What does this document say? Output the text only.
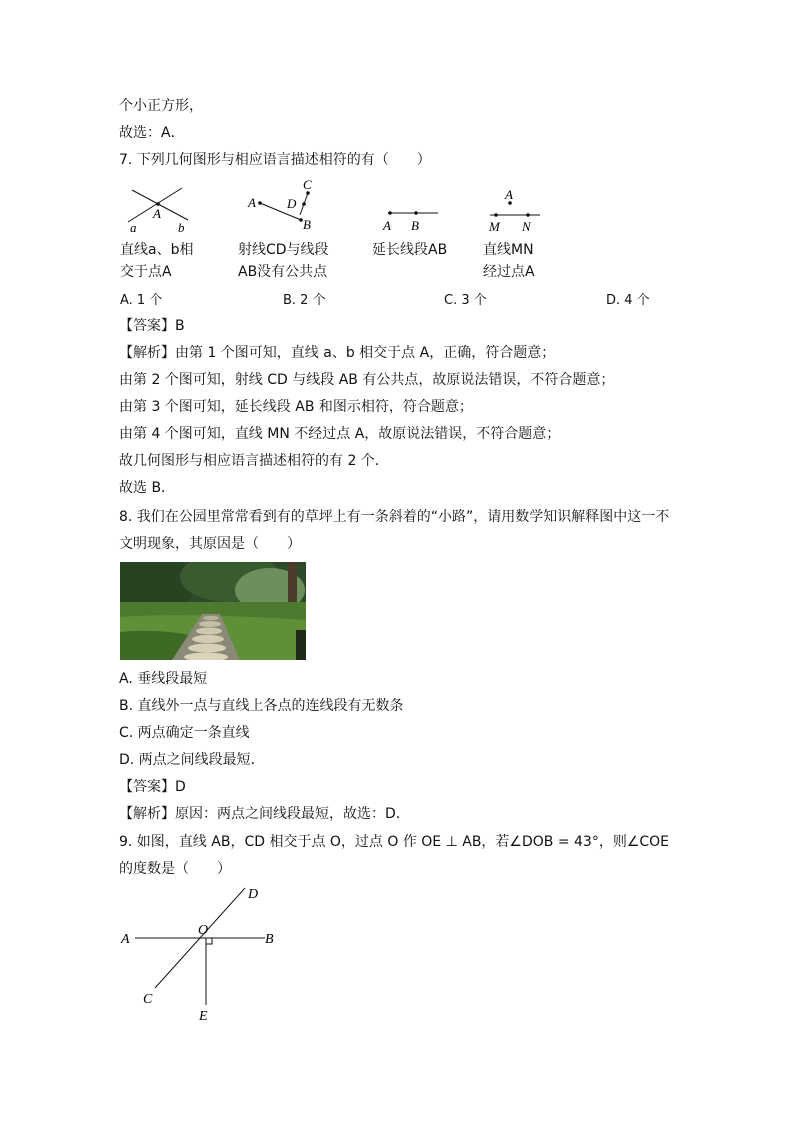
个小正方形，
故选：A．
7. 下列几何图形与相应语言描述相符的有（　　）
a
A
b
C
A D
B	A B
A
M N
直线a、b相
交于点A
射线CD与线段
AB没有公共点
延长线段AB	直线MN
经过点A
A. 1 个	B. 2 个	C. 3 个	D. 4 个
【答案】B
【解析】由第 1 个图可知，直线 a、b 相交于点 A，正确，符合题意；
由第 2 个图可知，射线 CD 与线段 AB 有公共点，故原说法错误，不符合题意；
由第 3 个图可知，延长线段 AB 和图示相符，符合题意；
由第 4 个图可知，直线 MN 不经过点 A，故原说法错误，不符合题意；
故几何图形与相应语言描述相符的有 2 个．
故选 B．
8. 我们在公园里常常看到有的草坪上有一条斜着的“小路”，请用数学知识解释图中这一不
文明现象，其原因是（　　）
A. 垂线段最短
B. 直线外一点与直线上各点的连线段有无数条
C. 两点确定一条直线
D. 两点之间线段最短．
【答案】D
【解析】原因：两点之间线段最短，故选：D．
9. 如图，直线 AB，CD 相交于点 O，过点 O 作 OE ⊥ AB，若∠DOB = 43°，则∠COE
的度数是（　　）
D
A
O
B
C
E
